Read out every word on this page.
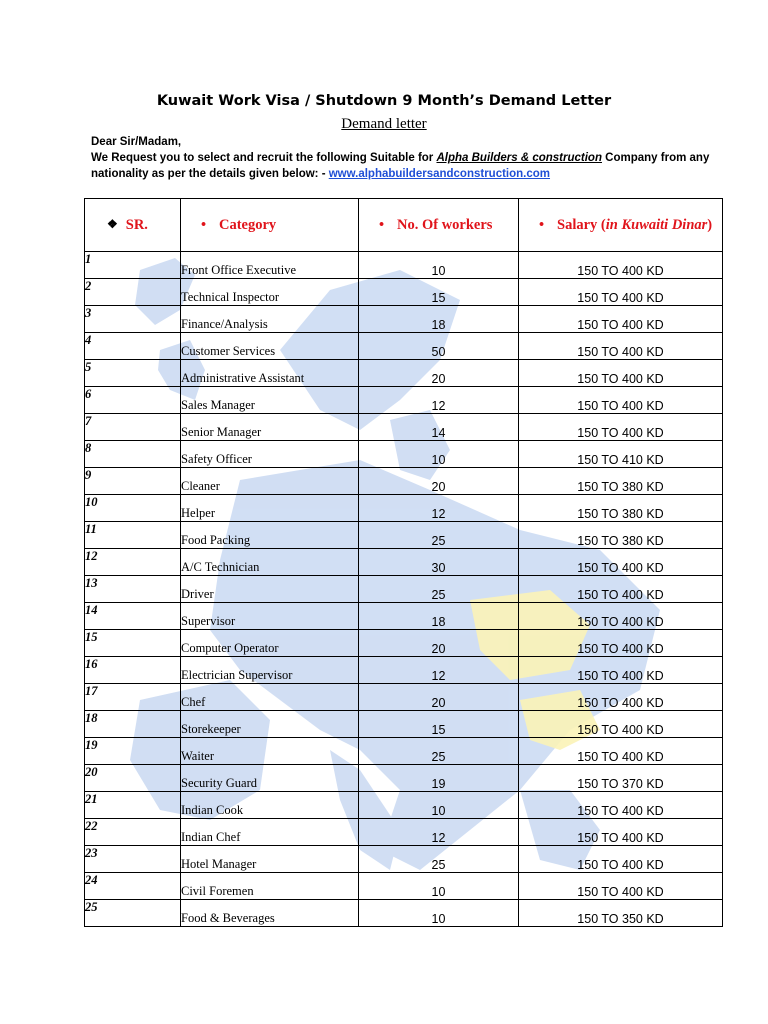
Kuwait Work Visa / Shutdown 9 Month’s Demand Letter
Demand letter
Dear Sir/Madam,
We Request you to select and recruit the following Suitable for Alpha Builders & construction Company from any
nationality as per the details given below: - www.alphabuildersandconstruction.com
❖ SR.	• Category	• No. Of workers	• Salary (in Kuwaiti Dinar)

1	Front Office Executive	10	150 TO 400 KD
2	Technical Inspector	15	150 TO 400 KD
3	Finance/Analysis	18	150 TO 400 KD
4	Customer Services	50	150 TO 400 KD
5	Administrative Assistant	20	150 TO 400 KD
6	Sales Manager	12	150 TO 400 KD
7	Senior Manager	14	150 TO 400 KD
8	Safety Officer	10	150 TO 410 KD
9	Cleaner	20	150 TO 380 KD
10	Helper	12	150 TO 380 KD
11	Food Packing	25	150 TO 380 KD
12	A/C Technician	30	150 TO 400 KD
13	Driver	25	150 TO 400 KD
14	Supervisor	18	150 TO 400 KD
15	Computer Operator	20	150 TO 400 KD
16	Electrician Supervisor	12	150 TO 400 KD
17	Chef	20	150 TO 400 KD
18	Storekeeper	15	150 TO 400 KD
19	Waiter	25	150 TO 400 KD
20	Security Guard	19	150 TO 370 KD
21	Indian Cook	10	150 TO 400 KD
22	Indian Chef	12	150 TO 400 KD
23	Hotel Manager	25	150 TO 400 KD
24	Civil Foremen	10	150 TO 400 KD
25	Food & Beverages	10	150 TO 350 KD
